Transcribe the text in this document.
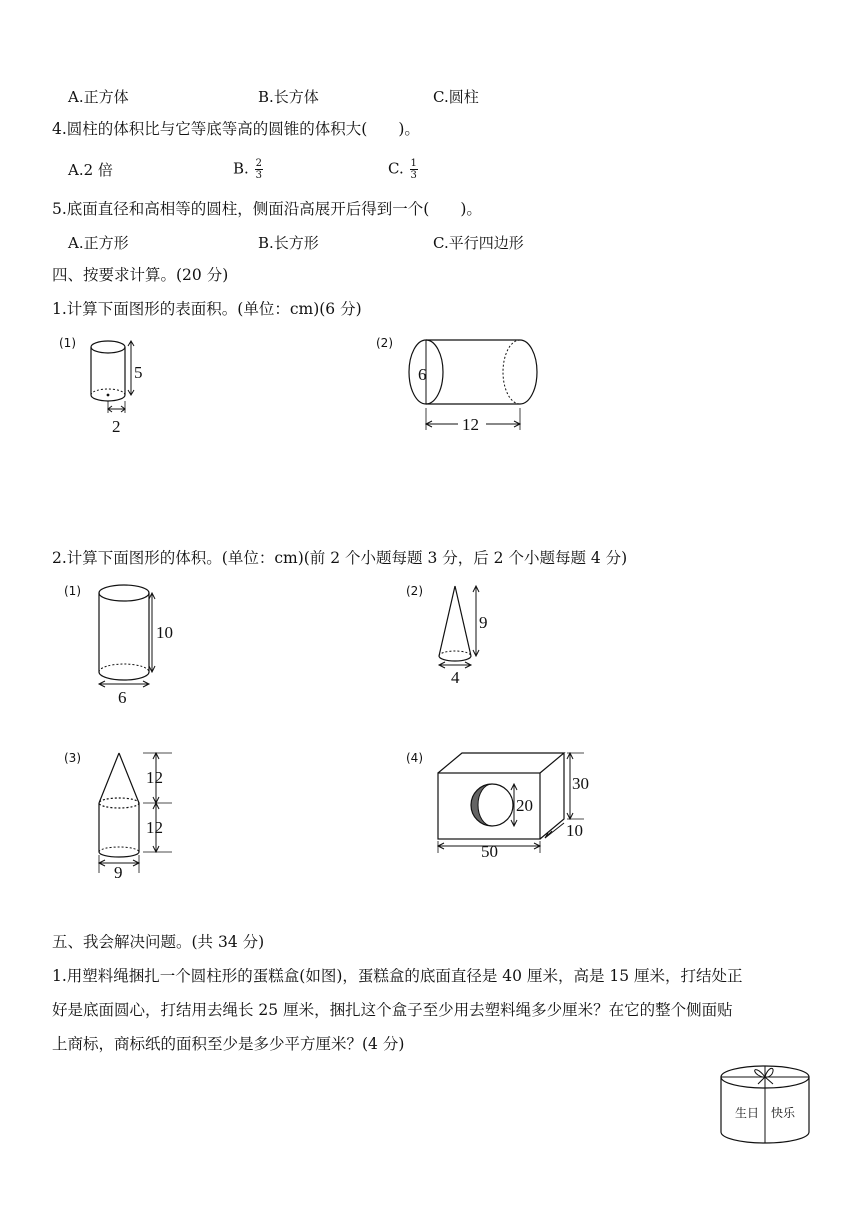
A.正方体	B.长方体	C.圆柱
4.圆柱的体积比与它等底等高的圆锥的体积大(　　)。
A.2 倍	B. $\frac{2}{3}$	C. $\frac{1}{3}$
5.底面直径和高相等的圆柱，侧面沿高展开后得到一个(　　)。
A.正方形	B.长方形	C.平行四边形
四、按要求计算。(20 分)
1.计算下面图形的表面积。(单位：cm)(6 分)
(1)
5
2
(2)
6
12
2.计算下面图形的体积。(单位：cm)(前 2 个小题每题 3 分，后 2 个小题每题 4 分)
(1)
10
6
(2)
9
4
(3)
12
12
9
(4)
20
30
10
50
五、我会解决问题。(共 34 分)
1.用塑料绳捆扎一个圆柱形的蛋糕盒(如图)，蛋糕盒的底面直径是 40 厘米，高是 15 厘米，打结处正
好是底面圆心，打结用去绳长 25 厘米，捆扎这个盒子至少用去塑料绳多少厘米？在它的整个侧面贴
上商标，商标纸的面积至少是多少平方厘米？(4 分)
生日 快乐
